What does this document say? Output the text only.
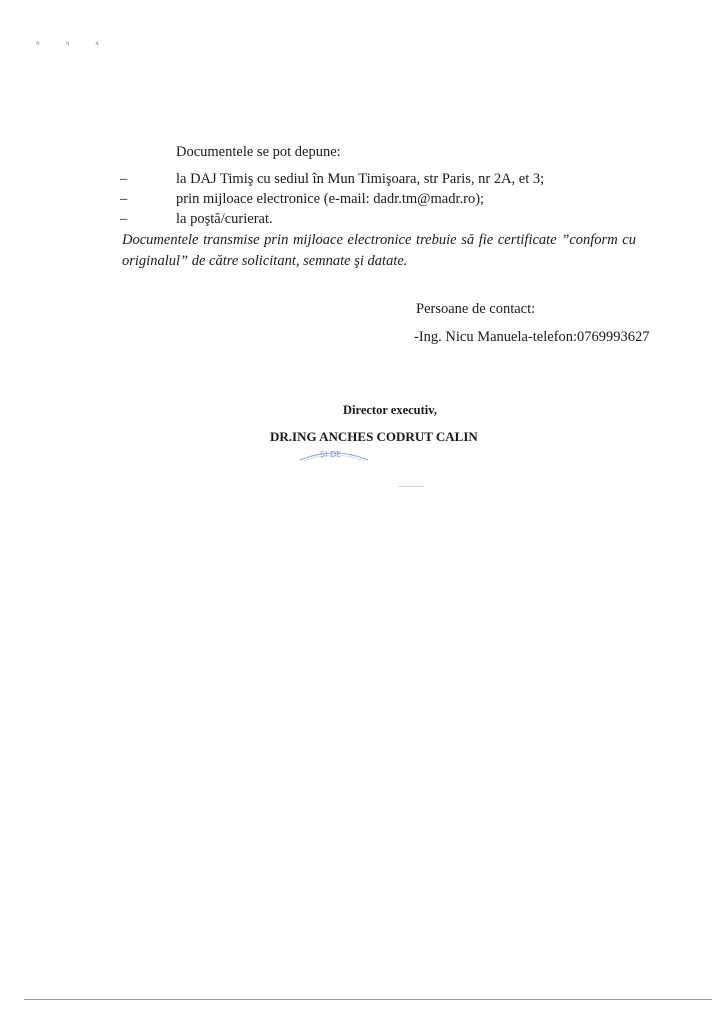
ᴺ ᴺ ᴬ
Documentele se pot depune:
–	la DAJ Timiş cu sediul în Mun Timişoara, str Paris, nr 2A, et 3;
–	prin mijloace electronice (e-mail: dadr.tm@madr.ro);
–	la poştă/curierat.
Documentele transmise prin mijloace electronice trebuie să fie certificate ”conform cu originalul” de către solicitant, semnate şi datate.
Persoane de contact:
-Ing. Nicu Manuela-telefon:0769993627
Director executiv,
DR.ING ANCHES CODRUT CALIN
ȘI DE
